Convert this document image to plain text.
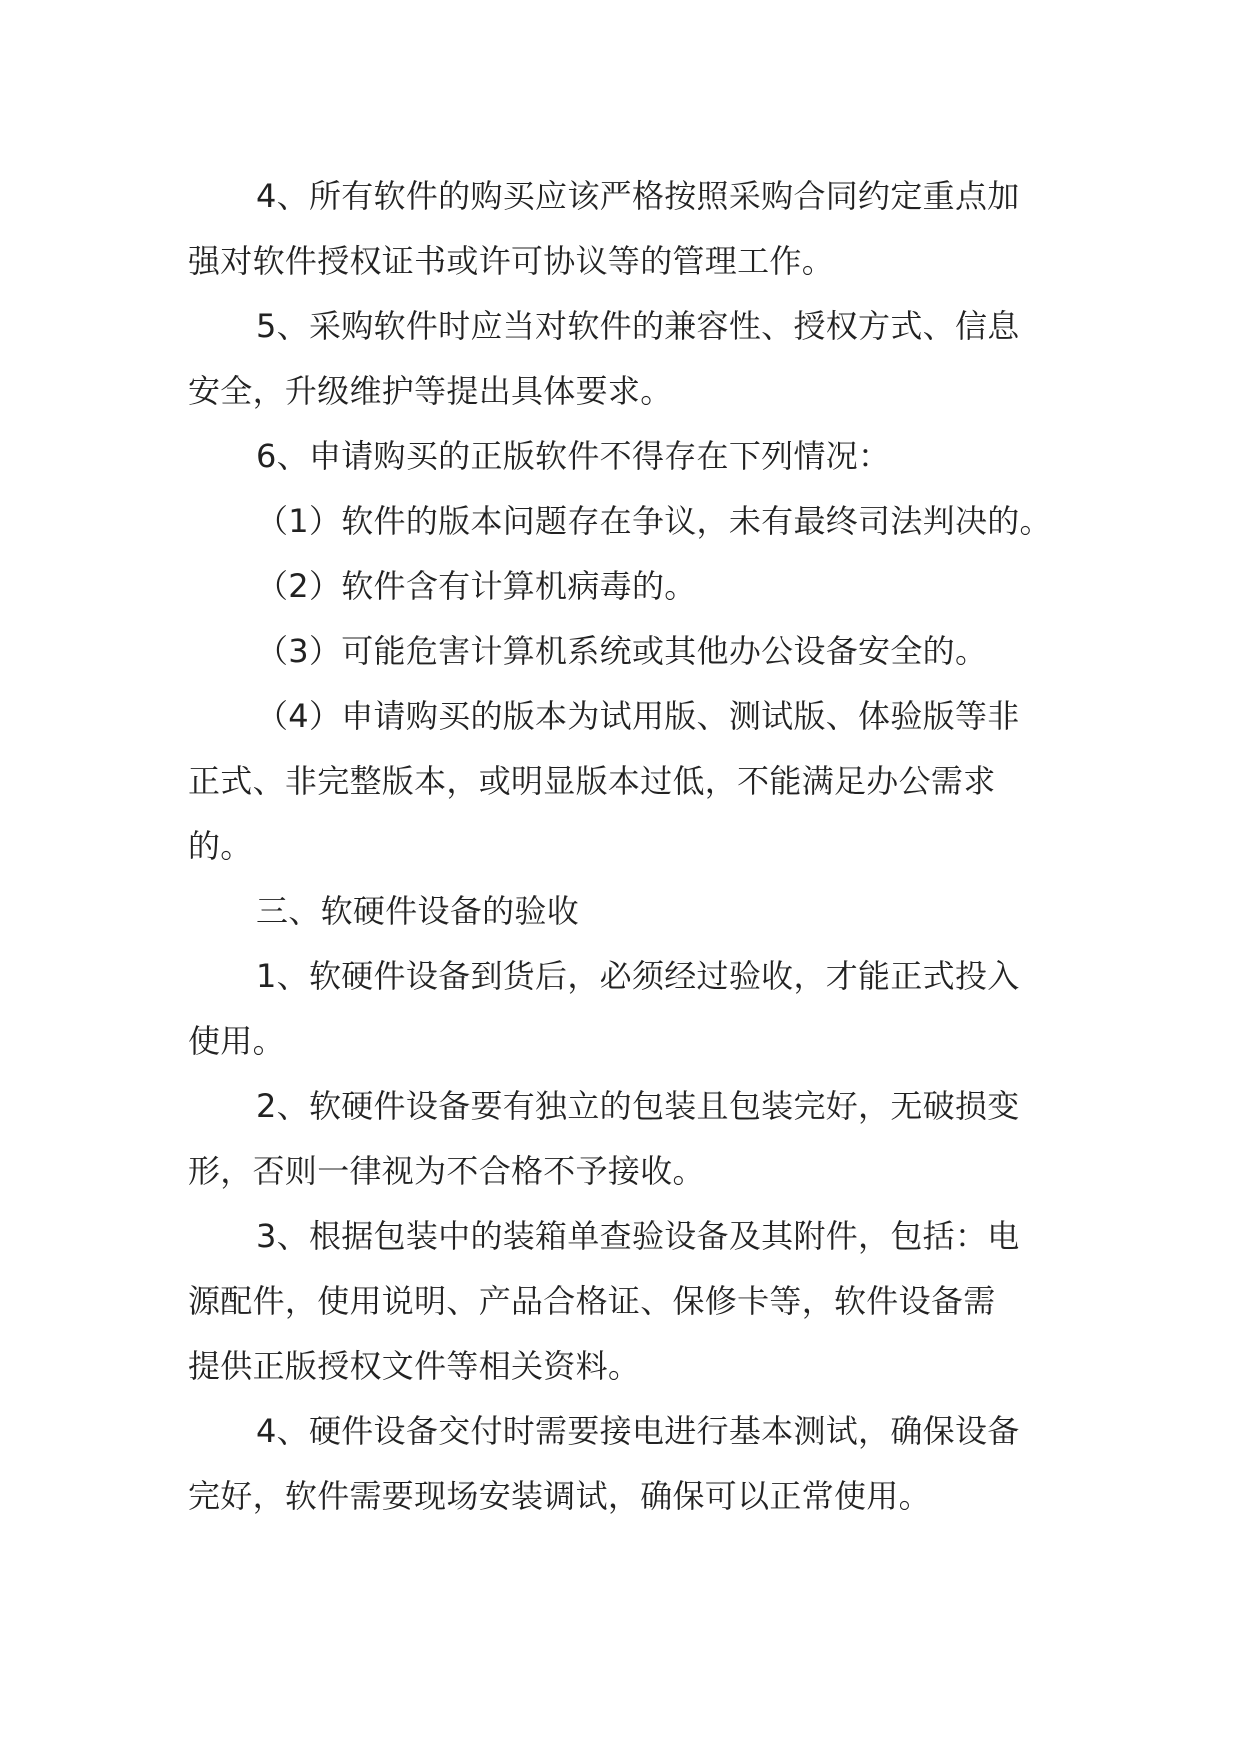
4、所有软件的购买应该严格按照采购合同约定重点加
强对软件授权证书或许可协议等的管理工作。

5、采购软件时应当对软件的兼容性、授权方式、信息
安全，升级维护等提出具体要求。

6、申请购买的正版软件不得存在下列情况：

（1）软件的版本问题存在争议，未有最终司法判决的。

（2）软件含有计算机病毒的。

（3）可能危害计算机系统或其他办公设备安全的。

（4）申请购买的版本为试用版、测试版、体验版等非
正式、非完整版本，或明显版本过低，不能满足办公需求
的。

三、软硬件设备的验收

1、软硬件设备到货后，必须经过验收，才能正式投入
使用。

2、软硬件设备要有独立的包装且包装完好，无破损变
形，否则一律视为不合格不予接收。

3、根据包装中的装箱单查验设备及其附件，包括：电
源配件，使用说明、产品合格证、保修卡等，软件设备需
提供正版授权文件等相关资料。

4、硬件设备交付时需要接电进行基本测试，确保设备
完好，软件需要现场安装调试，确保可以正常使用。
